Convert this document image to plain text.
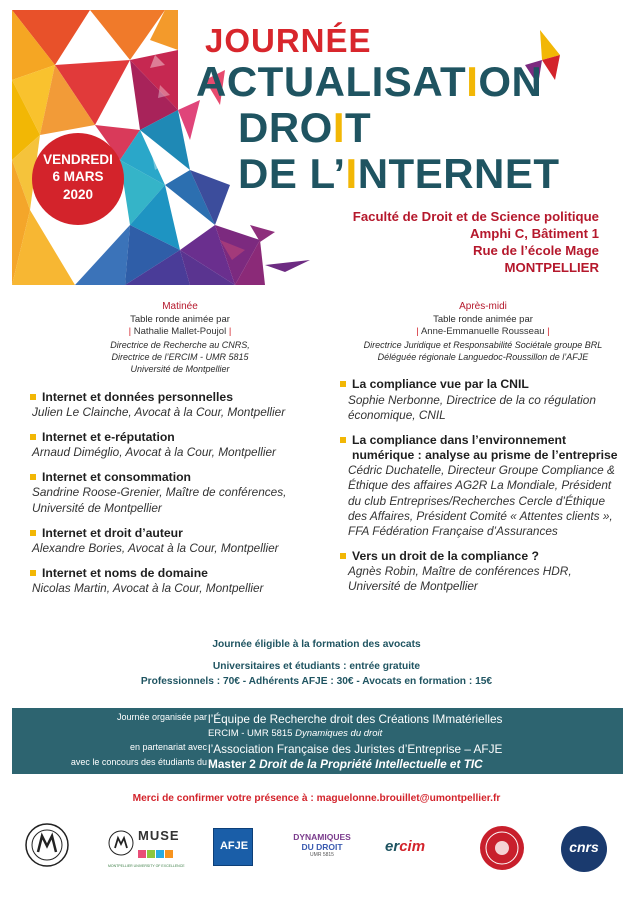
JOURNÉE
ACTUALISATION
DROIT
DE L’INTERNET
VENDREDI
6 MARS
2020
Faculté de Droit et de Science politique
Amphi C, Bâtiment 1
Rue de l’école Mage
MONTPELLIER
Matinée
Table ronde animée par
| Nathalie Mallet-Poujol |
Directrice de Recherche au CNRS,
Directrice de l’ERCIM - UMR 5815
Université de Montpellier
Internet et données personnelles
Julien Le Clainche, Avocat à la Cour, Montpellier
Internet et e-réputation
Arnaud Diméglio, Avocat à la Cour, Montpellier
Internet et consommation
Sandrine Roose-Grenier, Maître de conférences, Université de Montpellier
Internet et droit d’auteur
Alexandre Bories, Avocat à la Cour, Montpellier
Internet et noms de domaine
Nicolas Martin, Avocat à la Cour, Montpellier
Après-midi
Table ronde animée par
| Anne-Emmanuelle Rousseau |
Directrice Juridique et Responsabilité Sociétale groupe BRL
Déléguée régionale Languedoc-Roussillon de l’AFJE
La compliance vue par la CNIL
Sophie Nerbonne, Directrice de la co régulation économique, CNIL
La compliance dans l’environnement numérique : analyse au prisme de l’entreprise
Cédric Duchatelle, Directeur Groupe Compliance & Éthique des affaires AG2R La Mondiale, Président du club Entreprises/Recherches Cercle d’Éthique des Affaires, Président Comité « Attentes clients », FFA Fédération Française d’Assurances
Vers un droit de la compliance ?
Agnès Robin, Maître de conférences HDR, Université de Montpellier
Journée éligible à la formation des avocats
Universitaires et étudiants : entrée gratuite
Professionnels : 70€ - Adhérents AFJE : 30€ - Avocats en formation : 15€
Journée organisée par l’Équipe de Recherche droit des Créations IMmatérielles
ERCIM - UMR 5815 Dynamiques du droit
en partenariat avec l’Association Française des Juristes d’Entreprise – AFJE
avec le concours des étudiants du Master 2 Droit de la Propriété Intellectuelle et TIC
Merci de confirmer votre présence à : maguelonne.brouillet@umontpellier.fr
MUSE
MONTPELLIER UNIVERSITY OF EXCELLENCE
AFJE
DYNAMIQUES
DU DROIT
UMR 5815	ercim	cnrs
